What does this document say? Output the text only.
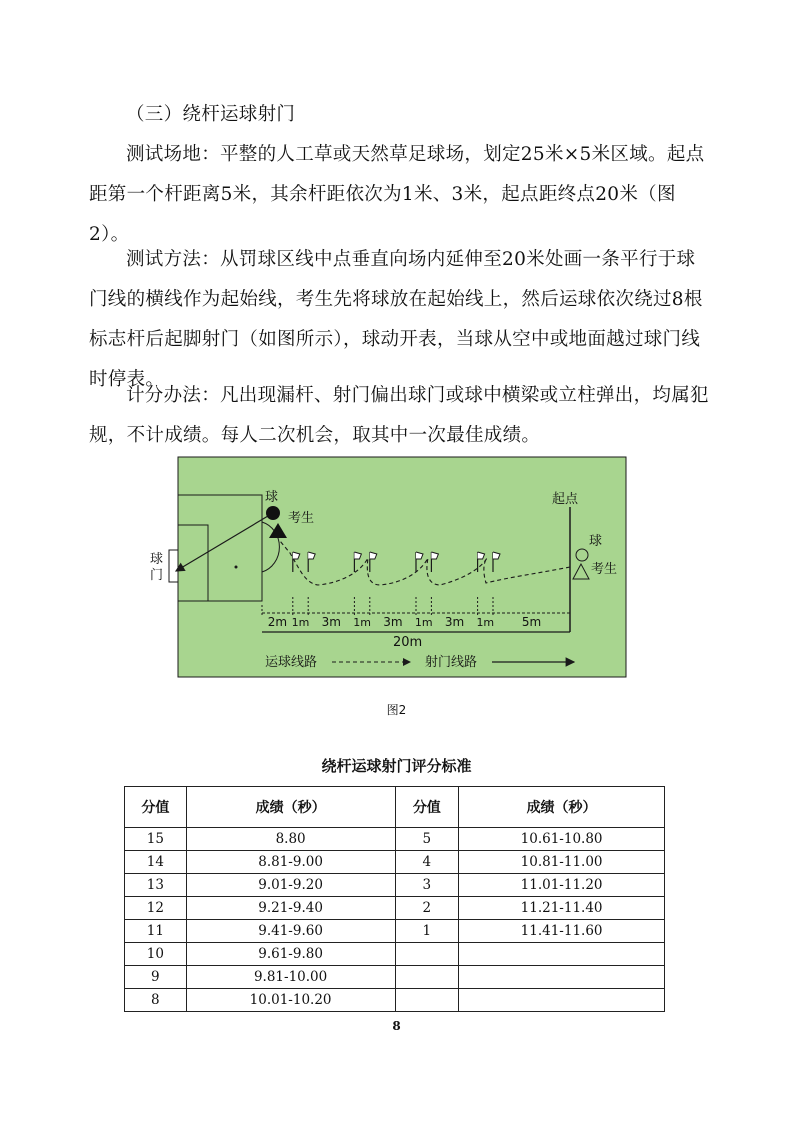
（三）绕杆运球射门

测试场地：平整的人工草或天然草足球场，划定25米×5米区域。起点距第一个杆距离5米，其余杆距依次为1米、3米，起点距终点20米（图2）。

测试方法：从罚球区线中点垂直向场内延伸至20米处画一条平行于球门线的横线作为起始线，考生先将球放在起始线上，然后运球依次绕过8根标志杆后起脚射门（如图所示），球动开表，当球从空中或地面越过球门线时停表。

计分办法：凡出现漏杆、射门偏出球门或球中横梁或立柱弹出，均属犯规，不计成绩。每人二次机会，取其中一次最佳成绩。

球
门
球
考生
起点
球
考生
2m 1m 3m 1m 3m 1m 3m 1m 5m
20m
运球线路	射门线路
图2
绕杆运球射门评分标准
分值	成绩（秒）	分值	成绩（秒）
15	8.80	5	10.61-10.80
14	8.81-9.00	4	10.81-11.00
13	9.01-9.20	3	11.01-11.20
12	9.21-9.40	2	11.21-11.40
11	9.41-9.60	1	11.41-11.60
10	9.61-9.80		
9	9.81-10.00		
8	10.01-10.20		
8
